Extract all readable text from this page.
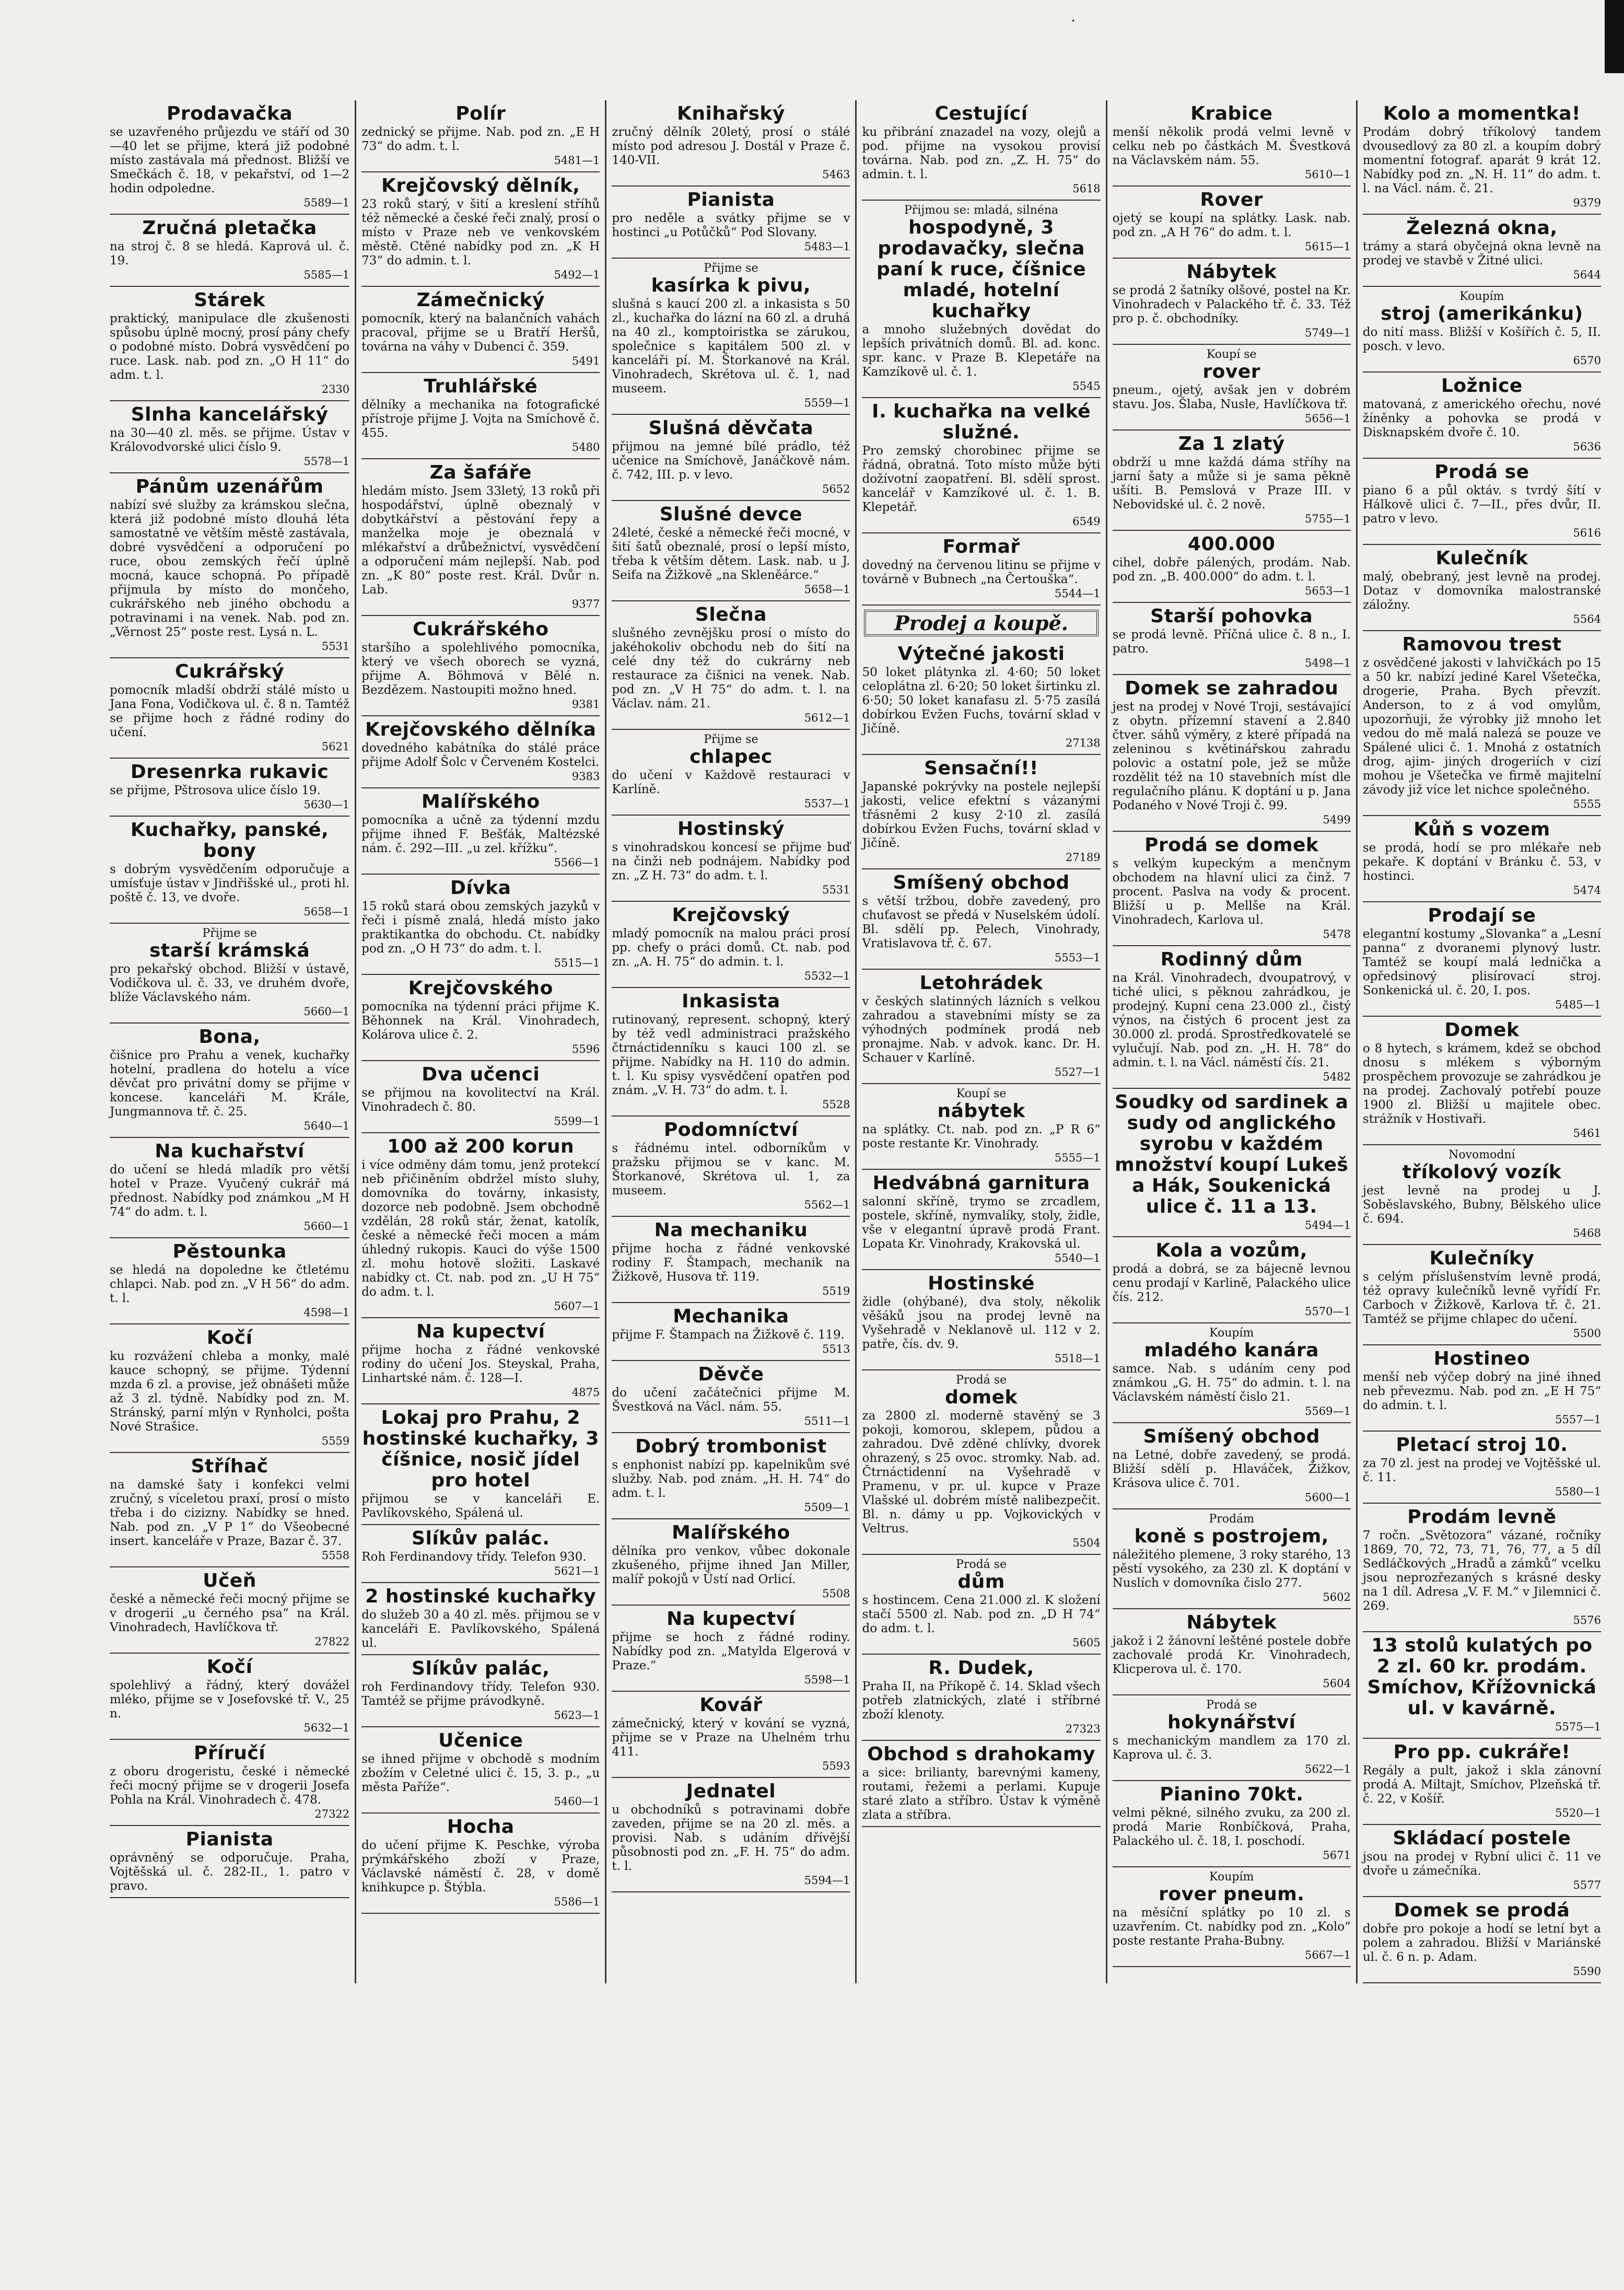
.
Prodavačka

se uzavřeného průjezdu ve stáří od 30—40 let se přijme, která již podobné místo zastávala má přednost. Bližší ve Smečkách č. 18, v pekařství, od 1—2 hodin odpoledne.

5589—1
Zručná pletačka

na stroj č. 8 se hledá. Kaprová ul. č. 19.

5585—1
Stárek

praktický, manipulace dle zkušenosti spůsobu úplně mocný, prosí pány chefy o podobné místo. Dobrá vysvědčení po ruce. Lask. nab. pod zn. „O H 11“ do adm. t. l.

2330
Slnha kancelářský

na 30—40 zl. měs. se přijme. Ústav v Královodvorské ulici číslo 9.

5578—1
Pánům uzenářům

nabízí své služby za krámskou slečna, která již podobné místo dlouhá léta samostatně ve větším městě zastávala, dobré vysvědčení a odporučení po ruce, obou zemských řečí úplně mocná, kauce schopná. Po případě přijmula by místo do mončeho, cukrářského neb jiného obchodu a potravinami i na venek. Nab. pod zn. „Věrnost 25“ poste rest. Lysá n. L.

5531
Cukrářský

pomocník mladší obdrží stálé místo u Jana Fona, Vodičkova ul. č. 8 n. Tamtéž se přijme hoch z řádné rodiny do učení.

5621
Dresenrka rukavic

se přijme, Pštrosova ulice číslo 19.

5630—1
Kuchařky, panské, bony

s dobrým vysvědčením odporučuje a umísťuje ústav v Jindřišské ul., proti hl. poště č. 13, ve dvoře.

5658—1
Přijme se
starší krámská

pro pekařský obchod. Bližší v ústavě, Vodičkova ul. č. 33, ve druhém dvoře, blíže Václavského nám.

5660—1
Bona,

čišnice pro Prahu a venek, kuchařky hotelní, pradlena do hotelu a více děvčat pro privátní domy se přijme v koncese. kanceláři M. Krále, Jungmannova tř. č. 25.

5640—1
Na kuchařství

do učení se hledá mladík pro větší hotel v Praze. Vyučený cukrář má přednost. Nabídky pod známkou „M H 74“ do adm. t. l.

5660—1
Pěstounka

se hledá na dopoledne ke čtletému chlapci. Nab. pod zn. „V H 56“ do adm. t. l.

4598—1
Kočí

ku rozvážení chleba a monky, malé kauce schopný, se přijme. Týdenní mzda 6 zl. a provise, jež obnášeti může až 3 zl. týdně. Nabídky pod zn. M. Stránský, parní mlýn v Rynholci, pošta Nové Strašice.

5559
Stříhač

na damské šaty i konfekci velmi zručný, s víceletou praxí, prosí o místo třeba i do cizizny. Nabídky se hned. Nab. pod zn. „V P 1“ do Všeobecné insert. kanceláře v Praze, Bazar č. 37.

5558
Učeň

české a německé řeči mocný přijme se v drogerii „u černého psa“ na Král. Vinohradech, Havlíčkova tř.

27822
Kočí

spolehlivý a řádný, který dovážel mléko, přijme se v Josefovské tř. V., 25 n.

5632—1
Příručí

z oboru drogeristu, české i německé řeči mocný přijme se v drogerii Josefa Pohla na Král. Vinohradech č. 478.

27322
Pianista

oprávněný se odporučuje. Praha, Vojtěšská ul. č. 282-II., 1. patro v pravo.

Polír

zednický se přijme. Nab. pod zn. „E H 73“ do adm. t. l.

5481—1
Krejčovský dělník,

23 roků starý, v šití a kreslení stříhů též německé a české řeči znalý, prosí o místo v Praze neb ve venkovském městě. Ctěné nabídky pod zn. „K H 73“ do admin. t. l.

5492—1
Zámečnický

pomocník, který na balančních vahách pracoval, přijme se u Bratří Heršů, továrna na váhy v Dubenci č. 359.

5491
Truhlářské

dělníky a mechanika na fotografické přístroje přijme J. Vojta na Smíchově č. 455.

5480
Za šafáře

hledám místo. Jsem 33letý, 13 roků při hospodářství, úplně obeznalý v dobytkářství a pěstování řepy a manželka moje je obeznalá v mlékařství a drůbežnictví, vysvědčení a odporučení mám nejlepší. Nab. pod zn. „K 80“ poste rest. Král. Dvůr n. Lab.

9377
Cukrářského

staršího a spolehlivého pomocníka, který ve všech oborech se vyzná, přijme A. Böhmová v Bělé n. Bezdězem. Nastoupiti možno hned.

9381
Krejčovského dělníka

dovedného kabátníka do stálé práce přijme Adolf Šolc v Červeném Kostelci.

9383
Malířského

pomocníka a učně za týdenní mzdu přijme ihned F. Bešťák, Maltézské nám. č. 292—III. „u zel. křížku“.

5566—1
Dívka

15 roků stará obou zemských jazyků v řeči i písmě znalá, hledá místo jako praktikantka do obchodu. Ct. nabídky pod zn. „O H 73“ do adm. t. l.

5515—1
Krejčovského

pomocníka na týdenní práci přijme K. Běhonnek na Král. Vinohradech, Kolárova ulice č. 2.

5596
Dva učenci

se přijmou na kovolitectví na Král. Vinohradech č. 80.

5599—1
100 až 200 korun

i více odměny dám tomu, jenž protekcí neb přičiněním obdržel místo sluhy, domovníka do továrny, inkasisty, dozorce neb podobně. Jsem obchodně vzdělán, 28 roků stár, ženat, katolík, české a německé řeči mocen a mám úhledný rukopis. Kauci do výše 1500 zl. mohu hotově složiti. Laskavé nabídky ct. Ct. nab. pod zn. „U H 75“ do adm. t. l.

5607—1
Na kupectví

přijme hocha z řádné venkovské rodiny do učení Jos. Steyskal, Praha, Linhartské nám. č. 128—I.

4875
Lokaj pro Prahu, 2 hostinské kuchařky, 3 číšnice, nosič jídel pro hotel

přijmou se v kanceláři E. Pavlíkovského, Spálená ul.

Slíkův palác.

Roh Ferdinandovy třídy. Telefon 930.

5621—1
2 hostinské kuchařky

do služeb 30 a 40 zl. měs. přijmou se v kanceláři E. Pavlíkovského, Spálená ul.

Slíkův palác,

roh Ferdinandovy třídy. Telefon 930. Tamtéž se přijme právodkyně.

5623—1
Učenice

se ihned přijme v obchodě s modním zbožím v Celetné ulici č. 15, 3. p., „u města Paříže“.

5460—1
Hocha

do učení přijme K. Peschke, výroba prýmkářského zboží v Praze, Václavské náměstí č. 28, v domě knihkupce p. Štýbla.

5586—1
Knihařský

zručný dělník 20letý, prosí o stálé místo pod adresou J. Dostál v Praze č. 140-VII.

5463
Pianista

pro neděle a svátky přijme se v hostinci „u Potůčků“ Pod Slovany.

5483—1
Přijme se
kasírka k pivu,

slušná s kaucí 200 zl. a inkasista s 50 zl., kuchařka do lázní na 60 zl. a druhá na 40 zl., komptoiristka se zárukou, společnice s kapitálem 500 zl. v kanceláři pí. M. Štorkanové na Král. Vinohradech, Skrétova ul. č. 1, nad museem.

5559—1
Slušná děvčata

přijmou na jemné bílé prádlo, též učenice na Smíchově, Janáčkově nám. č. 742, III. p. v levo.

5652
Slušné devce

24leté, české a německé řeči mocné, v šití šatů obeznalé, prosí o lepší místo, třeba k větším dětem. Lask. nab. u J. Seifa na Žižkově „na Skleněárce.“

5658—1
Slečna

slušného zevnějšku prosí o místo do jakéhokoliv obchodu neb do šití na celé dny též do cukrárny neb restaurace za čišnici na venek. Nab. pod zn. „V H 75“ do adm. t. l. na Václav. nám. 21.

5612—1
Přijme se
chlapec

do učení v Každově restauraci v Karlíně.

5537—1
Hostinský

s vinohradskou koncesí se přijme buď na činži neb podnájem. Nabídky pod zn. „Z H. 73“ do adm. t. l.

5531
Krejčovský

mladý pomocník na malou práci prosí pp. chefy o práci domů. Ct. nab. pod zn. „A. H. 75“ do admin. t. l.

5532—1
Inkasista

rutinovaný, represent. schopný, který by též vedl administraci pražského čtrnáctidenníku s kauci 100 zl. se přijme. Nabídky na H. 110 do admin. t. l. Ku spisy vysvědčení opatřen pod znám. „V. H. 73“ do adm. t. l.

5528
Podomníctví

s řádnému intel. odborníkům v pražsku přijmou se v kanc. M. Štorkanové, Skrétova ul. 1, za museem.

5562—1
Na mechaniku

přijme hocha z řádné venkovské rodiny F. Štampach, mechanik na Žižkově, Husova tř. 119.

5519
Mechanika

přijme F. Štampach na Žižkově č. 119.

5513
Děvče

do učení začátečnici přijme M. Švestková na Václ. nám. 55.

5511—1
Dobrý trombonist

s enphonist nabízí pp. kapelnikům své služby. Nab. pod znám. „H. H. 74“ do adm. t. l.

5509—1
Malířského

dělníka pro venkov, vůbec dokonale zkušeného, přijme ihned Jan Miller, malíř pokojů v Ústí nad Orlicí.

5508
Na kupectví

přijme se hoch z řádné rodiny. Nabídky pod zn. „Matylda Elgerová v Praze.“

5598—1
Kovář

zámečnický, který v kování se vyzná, přijme se v Praze na Uhelném trhu 411.

5593
Jednatel

u obchodníků s potravinami dobře zaveden, přijme se na 20 zl. měs. a provisi. Nab. s udáním dřívější působnosti pod zn. „F. H. 75“ do adm. t. l.

5594—1
Cestující

ku přibrání znazadel na vozy, olejů a pod. přijme na vysokou provisí továrna. Nab. pod zn. „Z. H. 75“ do admin. t. l.

5618
Přijmou se: mladá, silnéna
hospodyně, 3 prodavačky, slečna paní k ruce, číšnice mladé, hotelní kuchařky

a mnoho služebných dovědat do lepších privátních domů. Bl. ad. konc. spr. kanc. v Praze B. Klepetáře na Kamzíkově ul. č. 1.

5545
I. kuchařka na velké služné.

Pro zemský chorobinec přijme se řádná, obratná. Toto místo může býti dožívotní zaopatření. Bl. sdělí sprost. kancelář v Kamzíkové ul. č. 1. B. Klepetář.

6549
Formař

dovedný na červenou litinu se přijme v továrně v Bubnech „na Čertouška“.

5544—1
Prodej a koupě.
Výtečné jakosti

50 loket plátynka zl. 4·60; 50 loket celoplátna zl. 6·20; 50 loket širtinku zl. 6·50; 50 loket kanafasu zl. 5·75 zasílá dobírkou Evžen Fuchs, tovární sklad v Jičíně.

27138
Sensační!!

Japanské pokrývky na postele nejlepší jakosti, velice efektní s vázanými třásněmi 2 kusy 2·10 zl. zasílá dobírkou Evžen Fuchs, tovární sklad v Jičíně.

27189
Smíšený obchod

s větší tržbou, dobře zavedený, pro chuťavost se předá v Nuselském údolí. Bl. sdělí pp. Pelech, Vinohrady, Vratislavova tř. č. 67.

5553—1
Letohrádek

v českých slatinných lázních s velkou zahradou a stavebními místy se za výhodných podmínek prodá neb pronajme. Nab. v advok. kanc. Dr. H. Schauer v Karlíně.

5527—1
Koupí se
nábytek

na splátky. Ct. nab. pod zn. „P R 6“ poste restante Kr. Vinohrady.

5555—1
Hedvábná garnitura

salonní skříně, trymo se zrcadlem, postele, skříně, nymvalíky, stoly, židle, vše v elegantní úpravě prodá Frant. Lopata Kr. Vinohrady, Krakovská ul.

5540—1
Hostinské

židle (ohýbané), dva stoly, několik věšáků jsou na prodej levně na Vyšehradě v Neklanově ul. 112 v 2. patře, čís. dv. 9.

5518—1
Prodá se
domek

za 2800 zl. moderně stavěný se 3 pokoji, komorou, sklepem, půdou a zahradou. Dvě zděné chlívky, dvorek ohrazený, s 25 ovoc. stromky. Nab. ad. Čtrnáctidenní na Vyšehradě v Pramenu, v pr. ul. kupce v Praze Vlašské ul. dobrém místě nalibezpečit. Bl. n. dámy u pp. Vojkovických v Veltrus.

5504
Prodá se
dům

s hostincem. Cena 21.000 zl. K složení stačí 5500 zl. Nab. pod zn. „D H 74“ do adm. t. l.

5605
R. Dudek,

Praha II, na Příkopě č. 14. Sklad všech potřeb zlatnických, zlaté i stříbrné zboží klenoty.

27323
Obchod s drahokamy

a sice: brilianty, barevnými kameny, routami, řežemi a perlami. Kupuje staré zlato a stříbro. Ústav k výměně zlata a stříbra.

Krabice

menší několik prodá velmi levně v celku neb po částkách M. Švestková na Václavském nám. 55.

5610—1
Rover

ojetý se koupí na splátky. Lask. nab. pod zn. „A H 76“ do adm. t. l.

5615—1
Nábytek

se prodá 2 šatníky olšové, postel na Kr. Vinohradech v Palackého tř. č. 33. Též pro p. č. obchodníky.

5749—1
Koupí se
rover

pneum., ojetý, avšak jen v dobrém stavu. Jos. Šlaba, Nusle, Havlíčkova tř.

5656—1
Za 1 zlatý

obdrží u mne každá dáma stříhy na jarní šaty a může si je sama pěkně ušíti. B. Pemslová v Praze III. v Nebovidské ul. č. 2 nově.

5755—1
400.000

cihel, dobře pálených, prodám. Nab. pod zn. „B. 400.000“ do adm. t. l.

5653—1
Starší pohovka

se prodá levně. Příčná ulice č. 8 n., I. patro.

5498—1
Domek se zahradou

jest na prodej v Nové Troji, sestávající z obytn. přízemní stavení a 2.840 čtver. sáhů výměry, z které případá na zeleninou s květinářskou zahradu polovic a ostatní pole, jež se může rozdělit též na 10 stavebních míst dle regulačního plánu. K doptání u p. Jana Podaného v Nové Troji č. 99.

5499
Prodá se domek

s velkým kupeckým a menčnym obchodem na hlavní ulici za činž. 7 procent. Paslva na vody & procent. Bližší u p. Mellše na Král. Vinohradech, Karlova ul.

5478
Rodinný dům

na Král. Vinohradech, dvoupatrový, v tiché ulici, s pěknou zahrádkou, je prodejný. Kupní cena 23.000 zl., čistý výnos, na čistých 6 procent jest za 30.000 zl. prodá. Sprostředkovatelé se vylučují. Nab. pod zn. „H. H. 78“ do admin. t. l. na Václ. náměstí čís. 21.

5482
Soudky od sardinek a sudy od anglického syrobu v každém množství koupí Lukeš a Hák, Soukenická ulice č. 11 a 13.
5494—1
Kola a vozům,

prodá a dobrá, se za bájecně levnou cenu prodají v Karlině, Palackého ulice čís. 212.

5570—1
Koupím
mladého kanára

samce. Nab. s udáním ceny pod známkou „G. H. 75“ do admin. t. l. na Václavském náměstí čislo 21.

5569—1
Smíšený obchod

na Letné, dobře zavedený, se prodá. Bližší sdělí p. Hlaváček, Žižkov, Krásova ulice č. 701.

5600—1
Prodám
koně s postrojem,

náležitého plemene, 3 roky starého, 13 pěstí vysokého, za 230 zl. K doptání v Nuslích v domovníka čislo 277.

5602
Nábytek

jakož i 2 žánovní leštěné postele dobře zachovalé prodá Kr. Vinohradech, Klicperova ul. č. 170.

5604
Prodá se
hokynářství

s mechanickým mandlem za 170 zl. Kaprova ul. č. 3.

5622—1
Pianino 70kt.

velmi pěkné, silného zvuku, za 200 zl. prodá Marie Ronbíčková, Praha, Palackého ul. č. 18, I. poschodí.

5671
Koupím
rover pneum.

na měsíční splátky po 10 zl. s uzavřením. Ct. nabídky pod zn. „Kolo“ poste restante Praha-Bubny.

5667—1
Kolo a momentka!

Prodám dobrý tříkolový tandem dvousedlový za 80 zl. a koupím dobrý momentní fotograf. aparát 9 krát 12. Nabídky pod zn. „N. H. 11“ do adm. t. l. na Václ. nám. č. 21.

9379
Železná okna,

trámy a stará obyčejná okna levně na prodej ve stavbě v Žitné ulici.

5644
Koupím
stroj (amerikánku)

do nití mass. Bližší v Košířích č. 5, II. posch. v levo.

6570
Ložnice

matovaná, z amerického ořechu, nové žíněnky a pohovka se prodá v Disknapském dvoře č. 10.

5636
Prodá se

piano 6 a půl oktáv. s tvrdý šítí v Hálkově ulici č. 7—II., přes dvůr, II. patro v levo.

5616
Kulečník

malý, obebraný, jest levně na prodej. Dotaz v domovníka malostranské záložny.

5564
Ramovou trest

z osvědčené jakosti v lahvičkách po 15 a 50 kr. nabízí jediné Karel Všetečka, drogerie, Praha. Bych převzít. Anderson, to z á vod omylům, upozorňuji, že výrobky již mnoho let vedou do mě malá nalezá se pouze ve Spálené ulici č. 1. Mnohá z ostatních drog, ajim- jiných drogeriích v cizí mohou je Všetečka ve firmě majitelní závody již více let nichce společného.

5555
Kůň s vozem

se prodá, hodí se pro mlékaře neb pekaře. K doptání v Bránku č. 53, v hostinci.

5474
Prodají se

elegantní kostumy „Slovanka“ a „Lesní panna“ z dvoranemi plynový lustr. Tamtéž se koupí malá lednička a opředsinový plisírovací stroj. Sonkenická ul. č. 20, I. pos.

5485—1
Domek

o 8 hytech, s krámem, kdež se obchod dnosu s mlékem s výborným prospěchem provozuje se zahrádkou je na prodej. Zachovalý potřebí pouze 1900 zl. Bližší u majitele obec. strážník v Hostivaři.

5461
Novomodní
tříkolový vozík

jest levně na prodej u J. Soběslavského, Bubny, Bělského ulice č. 694.

5468
Kulečníky

s celým příslušenstvím levně prodá, též opravy kulečníků levně vyřídí Fr. Carboch v Žižkově, Karlova tř. č. 21. Tamtéž se přijme chlapec do učení.

5500
Hostineo

menší neb výčep dobrý na jiné ihned neb převezmu. Nab. pod zn. „E H 75“ do admin. t. l.

5557—1
Pletací stroj 10.

za 70 zl. jest na prodej ve Vojtěšské ul. č. 11.

5580—1
Prodám levně

7 ročn. „Světozora“ vázané, ročníky 1869, 70, 72, 73, 71, 76, 77, a 5 díl Sedláčkových „Hradů a zámků“ vcelku jsou neprozřezaných s krásné desky na 1 díl. Adresa „V. F. M.“ v Jilemnici č. 269.

5576
13 stolů kulatých po 2 zl. 60 kr. prodám. Smíchov, Křížovnická ul. v kavárně.
5575—1
Pro pp. cukráře!

Regály a pult, jakož i skla zánovní prodá A. Miltajt, Smíchov, Plzeňská tř. č. 22, v Košíř.

5520—1
Skládací postele

jsou na prodej v Rybní ulici č. 11 ve dvoře u zámečníka.

5577
Domek se prodá

dobře pro pokoje a hodí se letní byt a polem a zahradou. Bližší v Mariánské ul. č. 6 n. p. Adam.

5590
